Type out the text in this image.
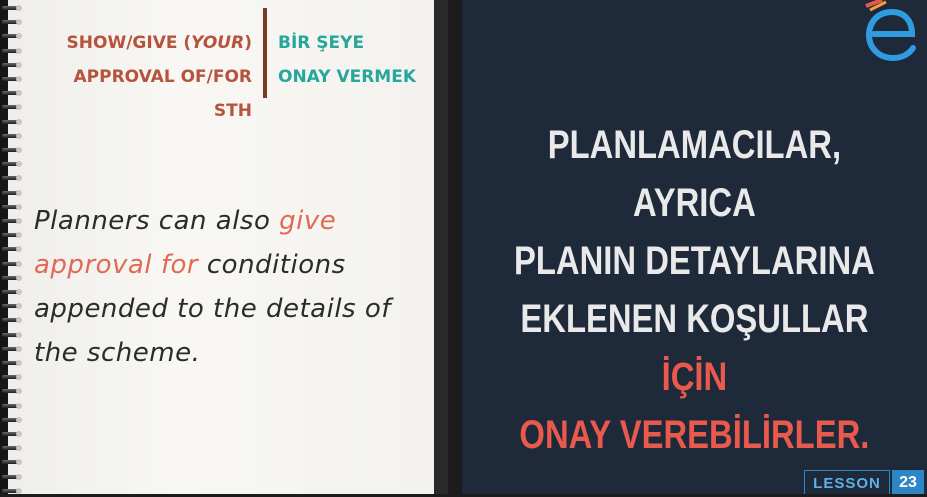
SHOW/GIVE (YOUR)
APPROVAL OF/FOR STH
BİR ŞEYE
ONAY VERMEK
Planners can also give approval for conditions appended to the details of the scheme.
PLANLAMACILAR, AYRICA
PLANIN DETAYLARINA
EKLENEN KOŞULLAR İÇİN
ONAY VEREBİLİRLER.
LESSON	23
